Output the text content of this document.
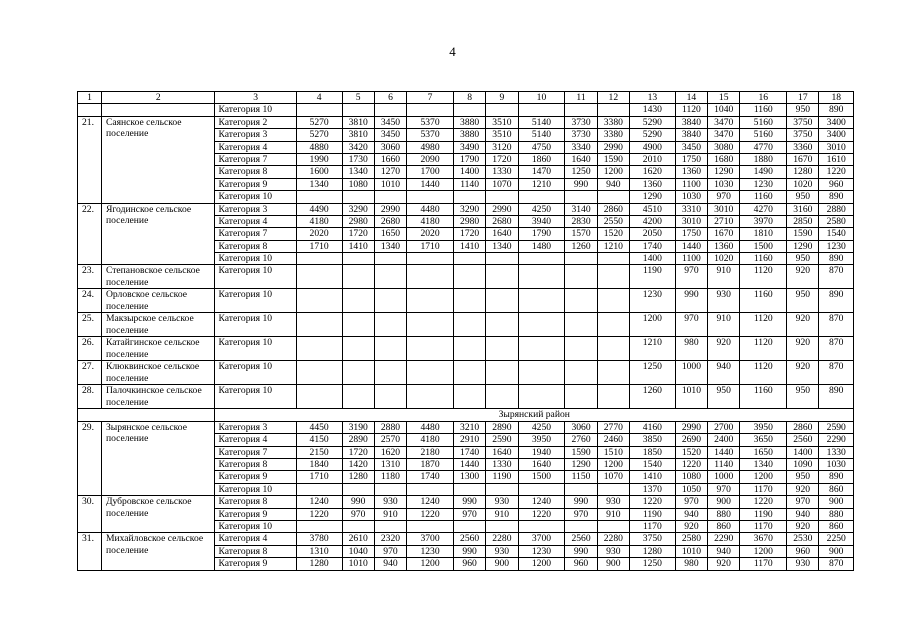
4
1	2	3	4	5	6	7	8	9	10	11	12	13	14	15	16	17	18
		Категория 10										1430	1120	1040	1160	950	890
21.	Саянское сельское поселение	Категория 2	5270	3810	3450	5370	3880	3510	5140	3730	3380	5290	3840	3470	5160	3750	3400
		Категория 3	5270	3810	3450	5370	3880	3510	5140	3730	3380	5290	3840	3470	5160	3750	3400
		Категория 4	4880	3420	3060	4980	3490	3120	4750	3340	2990	4900	3450	3080	4770	3360	3010
		Категория 7	1990	1730	1660	2090	1790	1720	1860	1640	1590	2010	1750	1680	1880	1670	1610
		Категория 8	1600	1340	1270	1700	1400	1330	1470	1250	1200	1620	1360	1290	1490	1280	1220
		Категория 9	1340	1080	1010	1440	1140	1070	1210	990	940	1360	1100	1030	1230	1020	960
		Категория 10										1290	1030	970	1160	950	890
22.	Ягодинское сельское поселение	Категория 3	4490	3290	2990	4480	3290	2990	4250	3140	2860	4510	3310	3010	4270	3160	2880
		Категория 4	4180	2980	2680	4180	2980	2680	3940	2830	2550	4200	3010	2710	3970	2850	2580
		Категория 7	2020	1720	1650	2020	1720	1640	1790	1570	1520	2050	1750	1670	1810	1590	1540
		Категория 8	1710	1410	1340	1710	1410	1340	1480	1260	1210	1740	1440	1360	1500	1290	1230
		Категория 10										1400	1100	1020	1160	950	890
23.	Степановское сельское поселение	Категория 10										1190	970	910	1120	920	870
24.	Орловское сельское поселение	Категория 10										1230	990	930	1160	950	890
25.	Макзырское сельское поселение	Категория 10										1200	970	910	1120	920	870
26.	Катайгинское сельское поселение	Категория 10										1210	980	920	1120	920	870
27.	Клюквинское сельское поселение	Категория 10										1250	1000	940	1120	920	870
28.	Палочкинское сельское поселение	Категория 10										1260	1010	950	1160	950	890
		Зырянский район															
29.	Зырянское сельское поселение	Категория 3	4450	3190	2880	4480	3210	2890	4250	3060	2770	4160	2990	2700	3950	2860	2590
		Категория 4	4150	2890	2570	4180	2910	2590	3950	2760	2460	3850	2690	2400	3650	2560	2290
		Категория 7	2150	1720	1620	2180	1740	1640	1940	1590	1510	1850	1520	1440	1650	1400	1330
		Категория 8	1840	1420	1310	1870	1440	1330	1640	1290	1200	1540	1220	1140	1340	1090	1030
		Категория 9	1710	1280	1180	1740	1300	1190	1500	1150	1070	1410	1080	1000	1200	950	890
		Категория 10										1370	1050	970	1170	920	860
30.	Дубровское сельское поселение	Категория 8	1240	990	930	1240	990	930	1240	990	930	1220	970	900	1220	970	900
		Категория 9	1220	970	910	1220	970	910	1220	970	910	1190	940	880	1190	940	880
		Категория 10										1170	920	860	1170	920	860
31.	Михайловское сельское поселение	Категория 4	3780	2610	2320	3700	2560	2280	3700	2560	2280	3750	2580	2290	3670	2530	2250
		Категория 8	1310	1040	970	1230	990	930	1230	990	930	1280	1010	940	1200	960	900
		Категория 9	1280	1010	940	1200	960	900	1200	960	900	1250	980	920	1170	930	870
